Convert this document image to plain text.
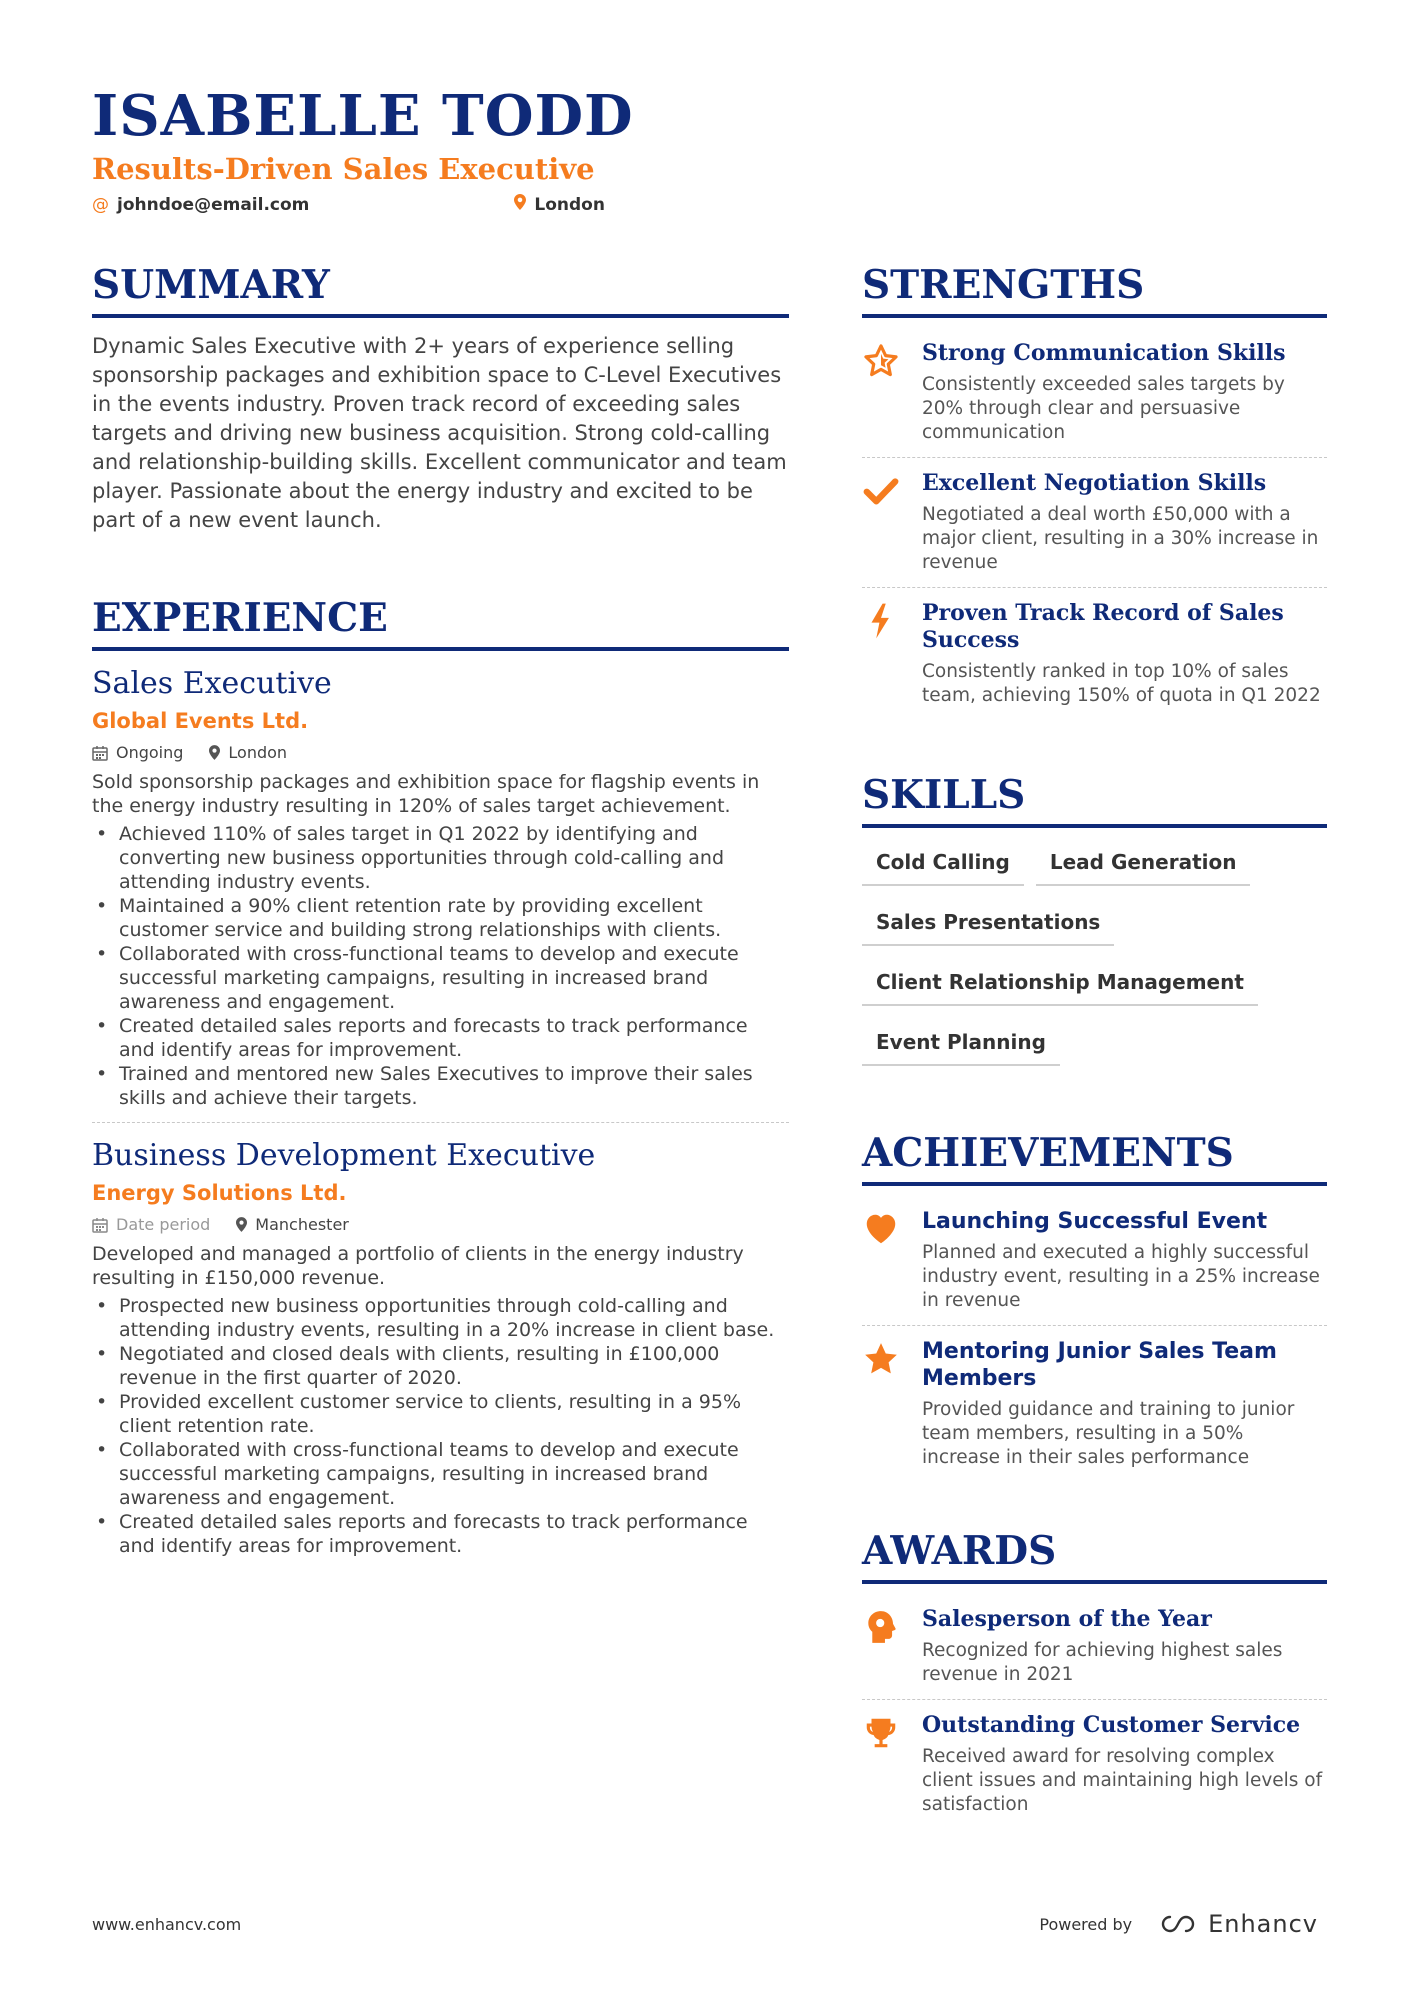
ISABELLE TODD
Results-Driven Sales Executive
@ johndoe@email.com	London
SUMMARY

Dynamic Sales Executive with 2+ years of experience selling sponsorship packages and exhibition space to C-Level Executives in the events industry. Proven track record of exceeding sales targets and driving new business acquisition. Strong cold-calling and relationship-building skills. Excellent communicator and team player. Passionate about the energy industry and excited to be part of a new event launch.

EXPERIENCE
Sales Executive
Global Events Ltd.
Ongoing	London

Sold sponsorship packages and exhibition space for flagship events in the energy industry resulting in 120% of sales target achievement.

• Achieved 110% of sales target in Q1 2022 by identifying and converting new business opportunities through cold-calling and attending industry events.
• Maintained a 90% client retention rate by providing excellent customer service and building strong relationships with clients.
• Collaborated with cross-functional teams to develop and execute successful marketing campaigns, resulting in increased brand awareness and engagement.
• Created detailed sales reports and forecasts to track performance and identify areas for improvement.
• Trained and mentored new Sales Executives to improve their sales skills and achieve their targets.
Business Development Executive
Energy Solutions Ltd.
Date period	Manchester

Developed and managed a portfolio of clients in the energy industry resulting in £150,000 revenue.

• Prospected new business opportunities through cold-calling and attending industry events, resulting in a 20% increase in client base.
• Negotiated and closed deals with clients, resulting in £100,000 revenue in the first quarter of 2020.
• Provided excellent customer service to clients, resulting in a 95% client retention rate.
• Collaborated with cross-functional teams to develop and execute successful marketing campaigns, resulting in increased brand awareness and engagement.
• Created detailed sales reports and forecasts to track performance and identify areas for improvement.
STRENGTHS
Strong Communication Skills
Consistently exceeded sales targets by 20% through clear and persuasive communication
Excellent Negotiation Skills
Negotiated a deal worth £50,000 with a major client, resulting in a 30% increase in revenue
Proven Track Record of Sales Success
Consistently ranked in top 10% of sales team, achieving 150% of quota in Q1 2022
SKILLS
Cold Calling	Lead Generation
Sales Presentations
Client Relationship Management
Event Planning
ACHIEVEMENTS
Launching Successful Event
Planned and executed a highly successful industry event, resulting in a 25% increase in revenue
Mentoring Junior Sales Team Members
Provided guidance and training to junior team members, resulting in a 50% increase in their sales performance
AWARDS
Salesperson of the Year
Recognized for achieving highest sales revenue in 2021
Outstanding Customer Service
Received award for resolving complex client issues and maintaining high levels of satisfaction
www.enhancv.com	Powered by	Enhancv
